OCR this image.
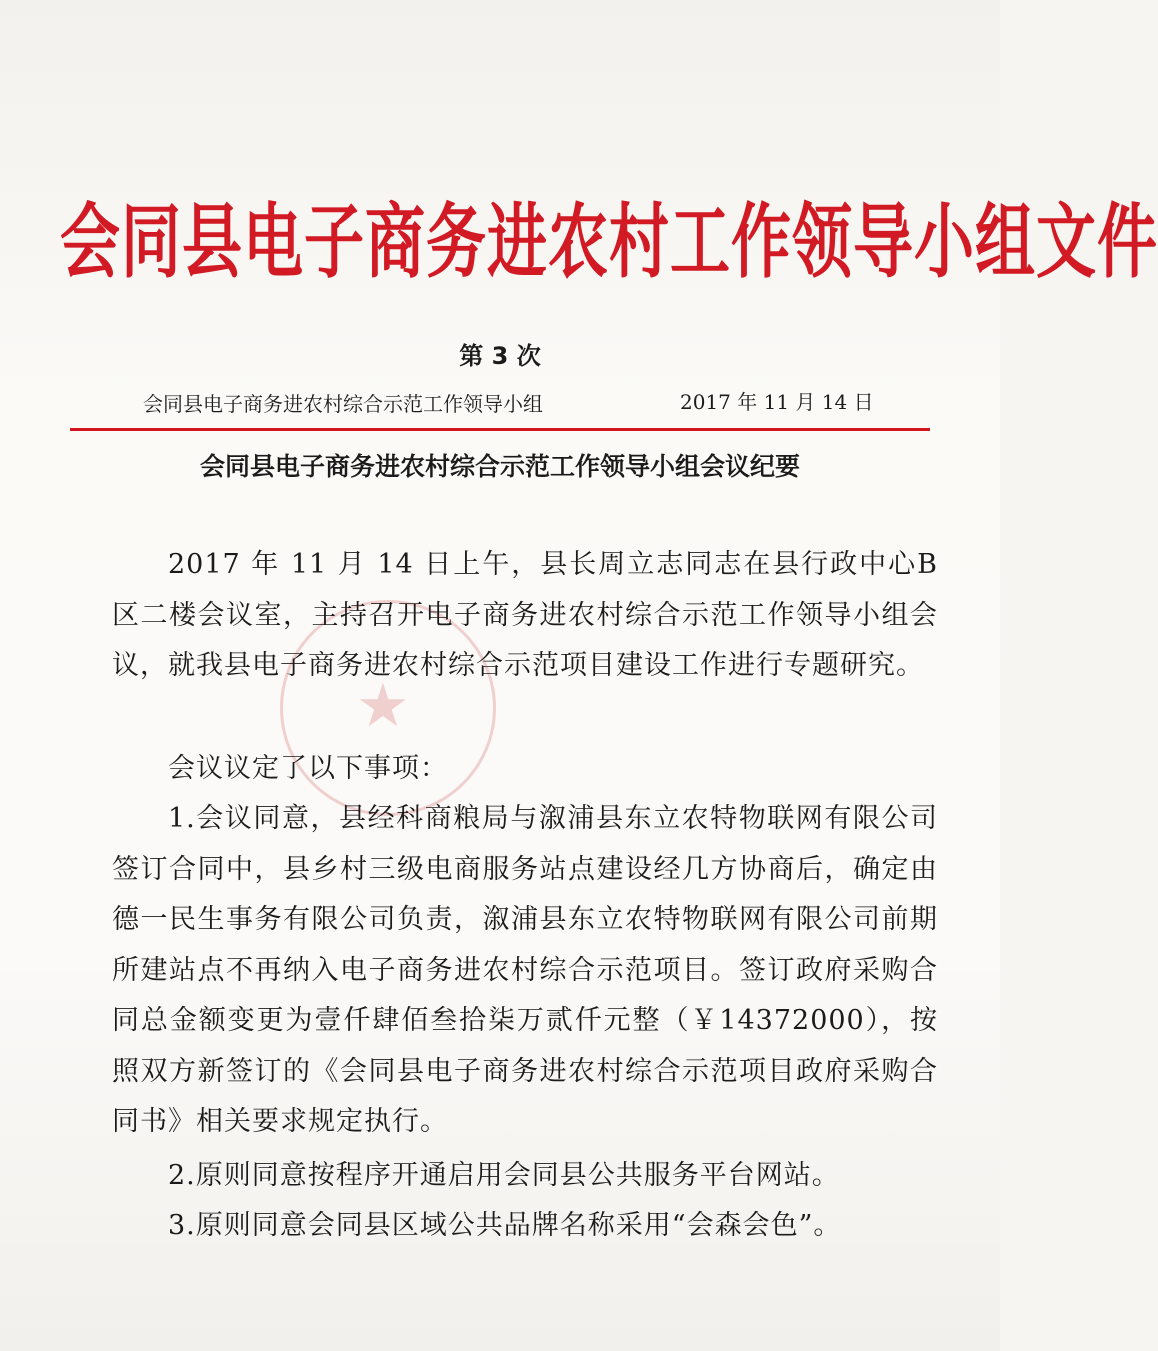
会同县电子商务进农村工作领导小组文件
第 3 次
会同县电子商务进农村综合示范工作领导小组	2017 年 11 月 14 日
★
会同县电子商务进农村综合示范工作领导小组会议纪要
2017 年 11 月 14 日上午，县长周立志同志在县行政中心B区二楼会议室，主持召开电子商务进农村综合示范工作领导小组会议，就我县电子商务进农村综合示范项目建设工作进行专题研究。
会议议定了以下事项：
1.会议同意，县经科商粮局与溆浦县东立农特物联网有限公司签订合同中，县乡村三级电商服务站点建设经几方协商后，确定由德一民生事务有限公司负责，溆浦县东立农特物联网有限公司前期所建站点不再纳入电子商务进农村综合示范项目。签订政府采购合同总金额变更为壹仟肆佰叁拾柒万贰仟元整（￥14372000），按照双方新签订的《会同县电子商务进农村综合示范项目政府采购合同书》相关要求规定执行。
2.原则同意按程序开通启用会同县公共服务平台网站。
3.原则同意会同县区域公共品牌名称采用“会森会色”。
